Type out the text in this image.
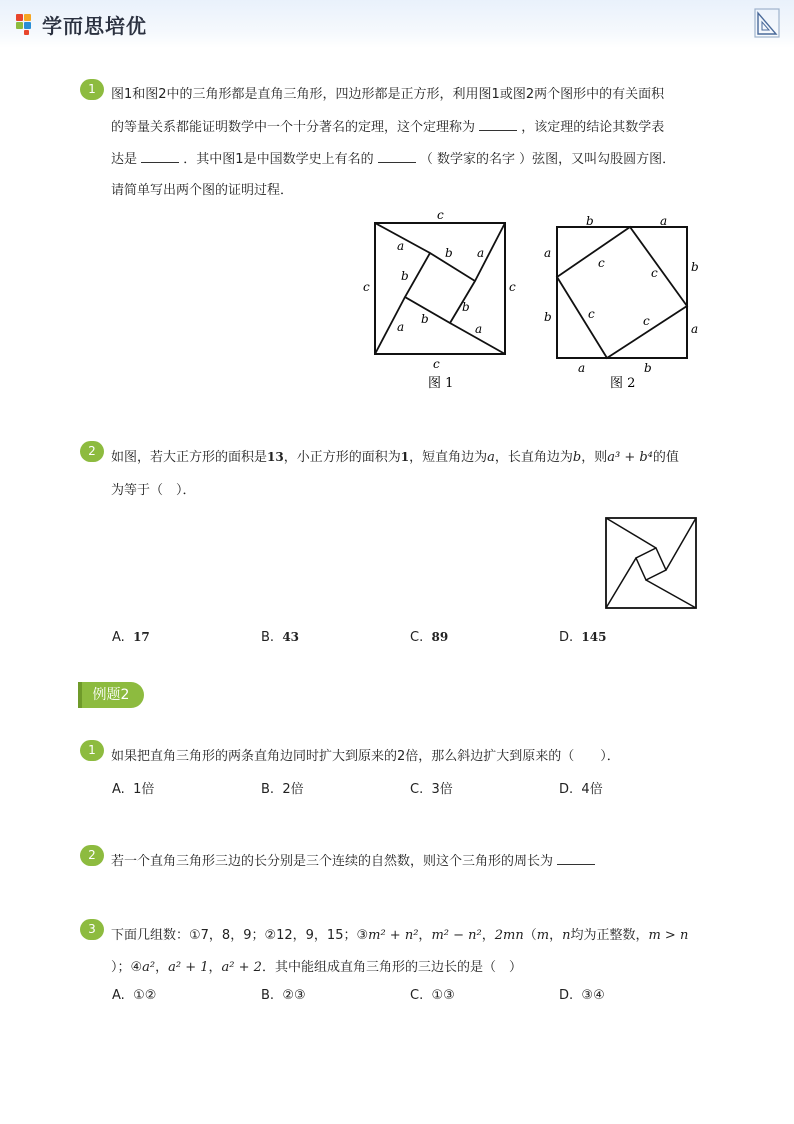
学而思培优
1	图1和图2中的三角形都是直角三角形，四边形都是正方形，利用图1或图2两个图形中的有关面积
的等量关系都能证明数学中一个十分著名的定理，这个定理称为	，该定理的结论其数学表
达是	．其中图1是中国数学史上有名的	（ 数学家的名字 ）弦图，又叫勾股圆方图．
请简单写出两个图的证明过程．
c
c	c
c
a	b a
b
b
b
a	a
图 1
b	a
a
b
b
a
c
c
c	c
a	b
图 2
2	如图，若大正方形的面积是13，小正方形的面积为1，短直角边为a，长直角边为b，则a³ + b⁴的值
为等于（　）．
A. 17	B. 43	C. 89	D. 145
例题2
1	如果把直角三角形的两条直角边同时扩大到原来的2倍，那么斜边扩大到原来的（　　）．
A. 1倍	B. 2倍	C. 3倍	D. 4倍
2	若一个直角三角形三边的长分别是三个连续的自然数，则这个三角形的周长为
3	下面几组数：①7，8，9；②12，9，15；③m² + n²，m² − n²，2mn（m，n均为正整数，m > n
）；④a²，a² + 1，a² + 2．其中能组成直角三角形的三边长的是（　）
A. ①②	B. ②③	C. ①③	D. ③④
